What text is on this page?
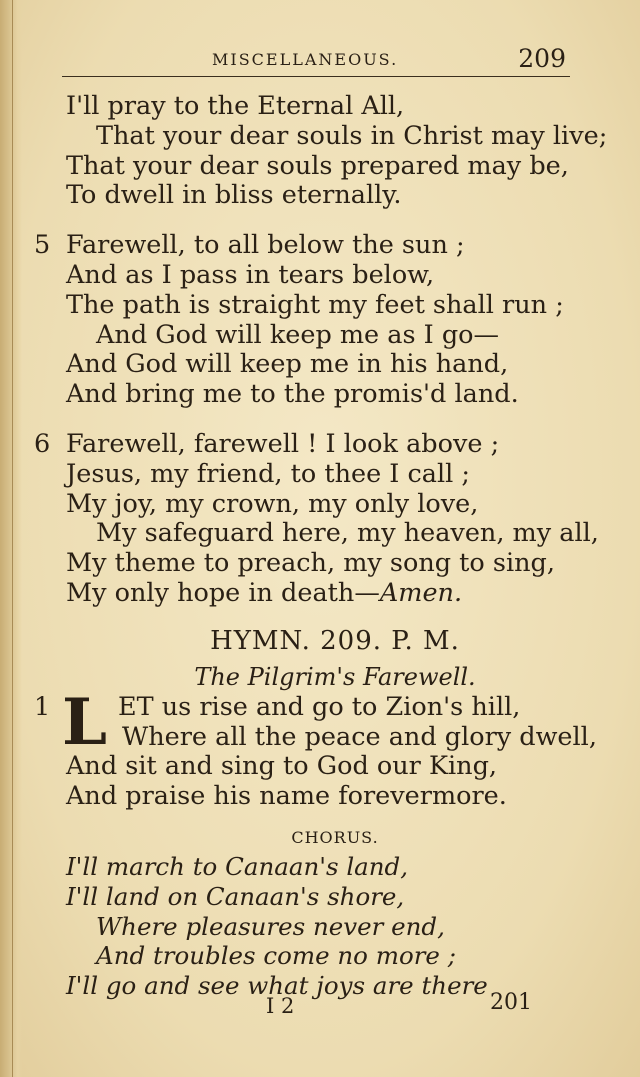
MISCELLANEOUS.	209
I'll pray to the Eternal All,
That your dear souls in Christ may live;
That your dear souls prepared may be,
To dwell in bliss eternally.
5 Farewell, to all below the sun ;
And as I pass in tears below,
The path is straight my feet shall run ;
And God will keep me as I go—
And God will keep me in his hand,
And bring me to the promis'd land.
6 Farewell, farewell ! I look above ;
Jesus, my friend, to thee I call ;
My joy, my crown, my only love,
My safeguard here, my heaven, my all,
My theme to preach, my song to sing,
My only hope in death—Amen.
HYMN. 209. P. M.
The Pilgrim's Farewell.
1 L ET us rise and go to Zion's hill,
Where all the peace and glory dwell,
And sit and sing to God our King,
And praise his name forevermore.
CHORUS.
I'll march to Canaan's land,
I'll land on Canaan's shore,
Where pleasures never end,
And troubles come no more ;
I'll go and see what joys are there
I 2	201
